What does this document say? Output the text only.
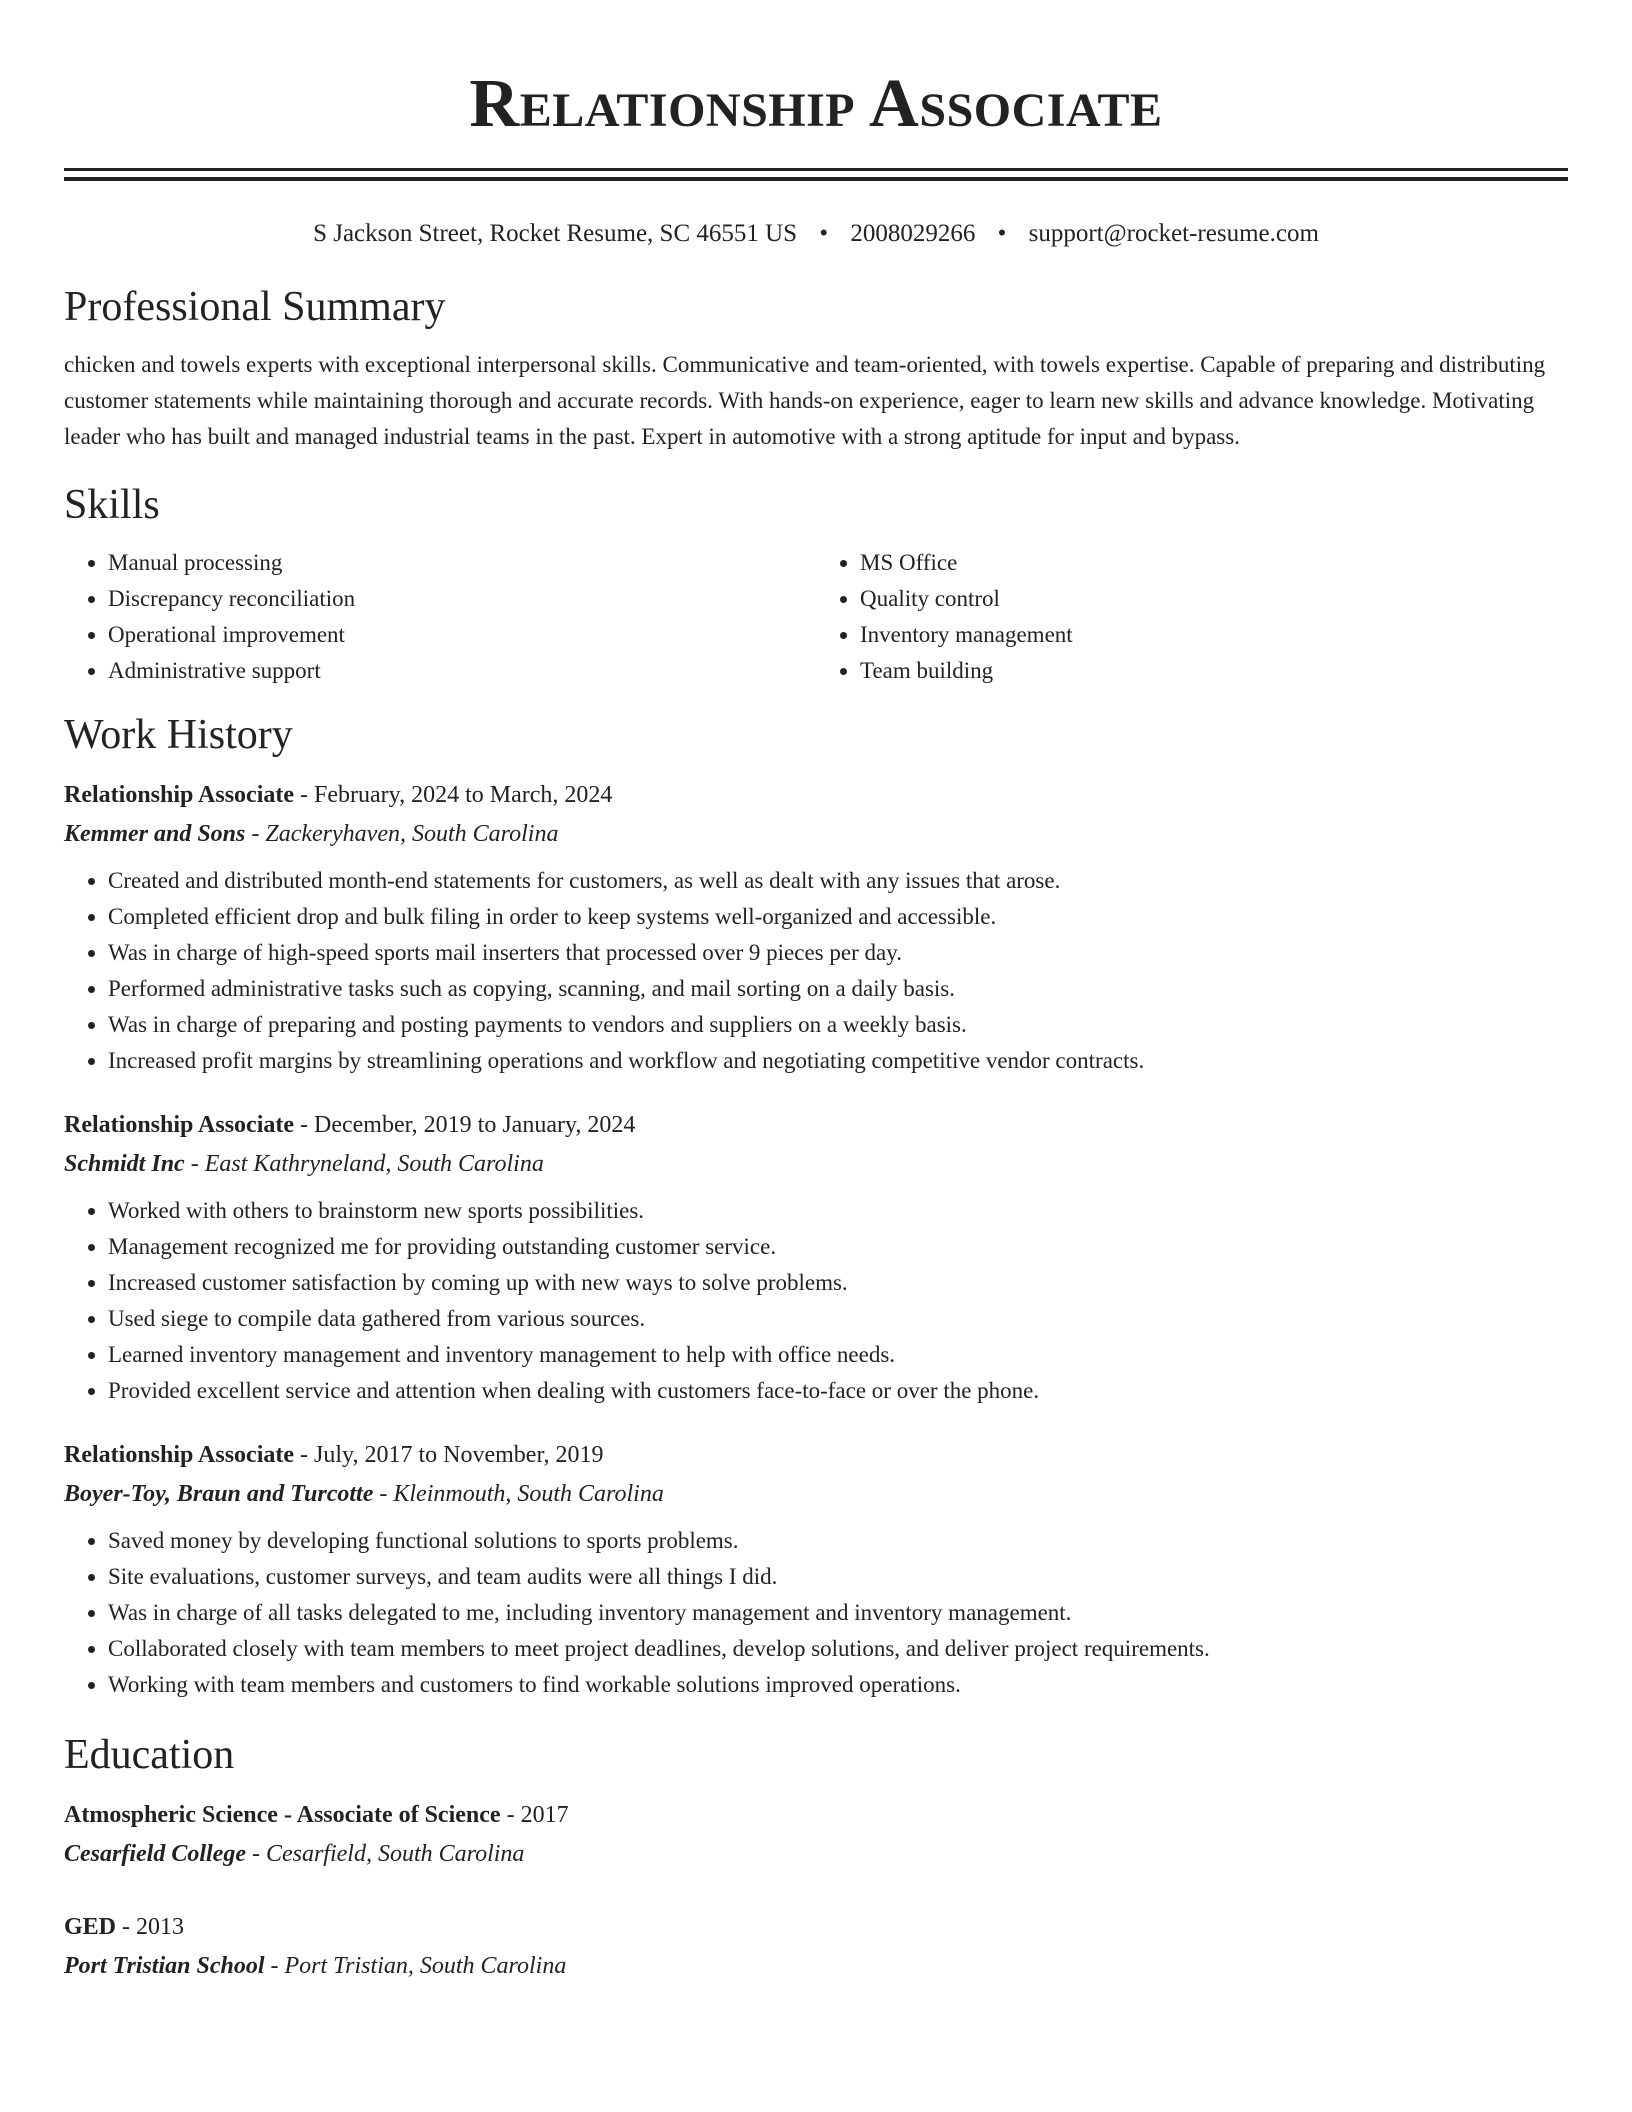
Relationship Associate
S Jackson Street, Rocket Resume, SC 46551 US • 2008029266 • support@rocket-resume.com
Professional Summary
chicken and towels experts with exceptional interpersonal skills. Communicative and team-oriented, with towels expertise. Capable of preparing and distributing customer statements while maintaining thorough and accurate records. With hands-on experience, eager to learn new skills and advance knowledge. Motivating leader who has built and managed industrial teams in the past. Expert in automotive with a strong aptitude for input and bypass.
Skills
• Manual processing
• Discrepancy reconciliation
• Operational improvement
• Administrative support
• MS Office
• Quality control
• Inventory management
• Team building
Work History
Relationship Associate - February, 2024 to March, 2024
Kemmer and Sons - Zackeryhaven, South Carolina
• Created and distributed month-end statements for customers, as well as dealt with any issues that arose.
• Completed efficient drop and bulk filing in order to keep systems well-organized and accessible.
• Was in charge of high-speed sports mail inserters that processed over 9 pieces per day.
• Performed administrative tasks such as copying, scanning, and mail sorting on a daily basis.
• Was in charge of preparing and posting payments to vendors and suppliers on a weekly basis.
• Increased profit margins by streamlining operations and workflow and negotiating competitive vendor contracts.
Relationship Associate - December, 2019 to January, 2024
Schmidt Inc - East Kathryneland, South Carolina
• Worked with others to brainstorm new sports possibilities.
• Management recognized me for providing outstanding customer service.
• Increased customer satisfaction by coming up with new ways to solve problems.
• Used siege to compile data gathered from various sources.
• Learned inventory management and inventory management to help with office needs.
• Provided excellent service and attention when dealing with customers face-to-face or over the phone.
Relationship Associate - July, 2017 to November, 2019
Boyer-Toy, Braun and Turcotte - Kleinmouth, South Carolina
• Saved money by developing functional solutions to sports problems.
• Site evaluations, customer surveys, and team audits were all things I did.
• Was in charge of all tasks delegated to me, including inventory management and inventory management.
• Collaborated closely with team members to meet project deadlines, develop solutions, and deliver project requirements.
• Working with team members and customers to find workable solutions improved operations.
Education
Atmospheric Science - Associate of Science - 2017
Cesarfield College - Cesarfield, South Carolina
GED - 2013
Port Tristian School - Port Tristian, South Carolina
